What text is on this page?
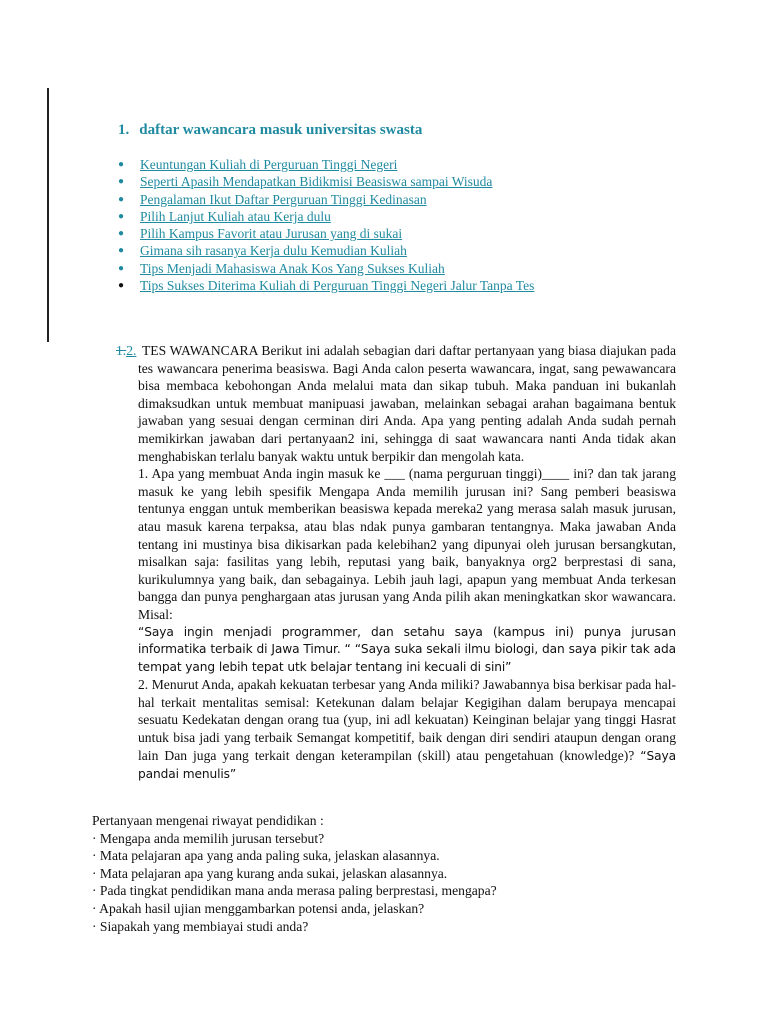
1. daftar wawancara masuk universitas swasta
● Keuntungan Kuliah di Perguruan Tinggi Negeri
● Seperti Apasih Mendapatkan Bidikmisi Beasiswa sampai Wisuda
● Pengalaman Ikut Daftar Perguruan Tinggi Kedinasan
● Pilih Lanjut Kuliah atau Kerja dulu
● Pilih Kampus Favorit atau Jurusan yang di sukai
● Gimana sih rasanya Kerja dulu Kemudian Kuliah
● Tips Menjadi Mahasiswa Anak Kos Yang Sukses Kuliah
● Tips Sukses Diterima Kuliah di Perguruan Tinggi Negeri Jalur Tanpa Tes
1.2. TES WAWANCARA Berikut ini adalah sebagian dari daftar pertanyaan yang biasa diajukan pada tes wawancara penerima beasiswa. Bagi Anda calon peserta wawancara, ingat, sang pewawancara bisa membaca kebohongan Anda melalui mata dan sikap tubuh. Maka panduan ini bukanlah dimaksudkan untuk membuat manipuasi jawaban, melainkan sebagai arahan bagaimana bentuk jawaban yang sesuai dengan cerminan diri Anda. Apa yang penting adalah Anda sudah pernah memikirkan jawaban dari pertanyaan2 ini, sehingga di saat wawancara nanti Anda tidak akan menghabiskan terlalu banyak waktu untuk berpikir dan mengolah kata.

1. Apa yang membuat Anda ingin masuk ke ___ (nama perguruan tinggi)____ ini? dan tak jarang masuk ke yang lebih spesifik Mengapa Anda memilih jurusan ini? Sang pemberi beasiswa tentunya enggan untuk memberikan beasiswa kepada mereka2 yang merasa salah masuk jurusan, atau masuk karena terpaksa, atau blas ndak punya gambaran tentangnya. Maka jawaban Anda tentang ini mustinya bisa dikisarkan pada kelebihan2 yang dipunyai oleh jurusan bersangkutan, misalkan saja: fasilitas yang lebih, reputasi yang baik, banyaknya org2 berprestasi di sana, kurikulumnya yang baik, dan sebagainya. Lebih jauh lagi, apapun yang membuat Anda terkesan bangga dan punya penghargaan atas jurusan yang Anda pilih akan meningkatkan skor wawancara. Misal:

“Saya ingin menjadi programmer, dan setahu saya (kampus ini) punya jurusan informatika terbaik di Jawa Timur. “ “Saya suka sekali ilmu biologi, dan saya pikir tak ada tempat yang lebih tepat utk belajar tentang ini kecuali di sini”

2. Menurut Anda, apakah kekuatan terbesar yang Anda miliki? Jawabannya bisa berkisar pada hal-hal terkait mentalitas semisal: Ketekunan dalam belajar Kegigihan dalam berupaya mencapai sesuatu Kedekatan dengan orang tua (yup, ini adl kekuatan) Keinginan belajar yang tinggi Hasrat untuk bisa jadi yang terbaik Semangat kompetitif, baik dengan diri sendiri ataupun dengan orang lain Dan juga yang terkait dengan keterampilan (skill) atau pengetahuan (knowledge)? “Saya pandai menulis”

Pertanyaan mengenai riwayat pendidikan :

· Mengapa anda memilih jurusan tersebut?

· Mata pelajaran apa yang anda paling suka, jelaskan alasannya.

· Mata pelajaran apa yang kurang anda sukai, jelaskan alasannya.

· Pada tingkat pendidikan mana anda merasa paling berprestasi, mengapa?

· Apakah hasil ujian menggambarkan potensi anda, jelaskan?

· Siapakah yang membiayai studi anda?
